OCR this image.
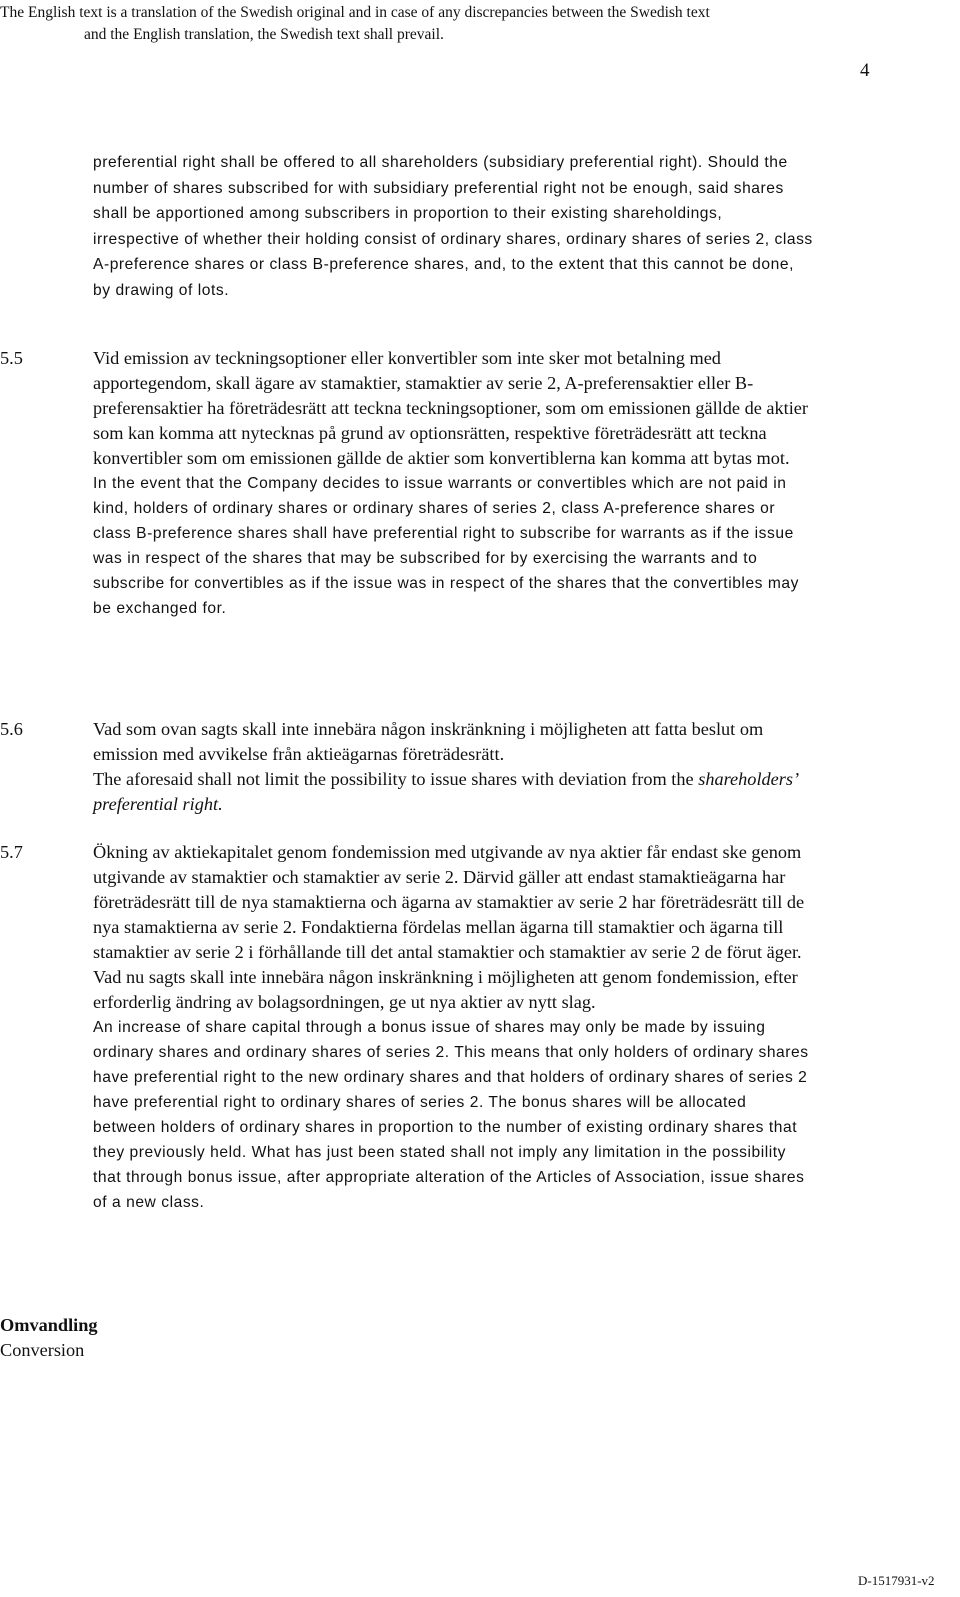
The English text is a translation of the Swedish original and in case of any discrepancies between the Swedish text
and the English translation, the Swedish text shall prevail.
4

preferential right shall be offered to all shareholders (subsidiary preferential right). Should the number of shares subscribed for with subsidiary preferential right not be enough, said shares shall be apportioned among subscribers in proportion to their existing shareholdings, irrespective of whether their holding consist of ordinary shares, ordinary shares of series 2, class A-preference shares or class B-preference shares, and, to the extent that this cannot be done, by drawing of lots.

5.5	Vid emission av teckningsoptioner eller konvertibler som inte sker mot betalning med apportegendom, skall ägare av stamaktier, stamaktier av serie 2, A-preferensaktier eller B-preferensaktier ha företrädesrätt att teckna teckningsoptioner, som om emissionen gällde de aktier som kan komma att nytecknas på grund av optionsrätten, respektive företrädesrätt att teckna konvertibler som om emissionen gällde de aktier som konvertiblerna kan komma att bytas mot.

In the event that the Company decides to issue warrants or convertibles which are not paid in kind, holders of ordinary shares or ordinary shares of series 2, class A-preference shares or class B-preference shares shall have preferential right to subscribe for warrants as if the issue was in respect of the shares that may be subscribed for by exercising the warrants and to subscribe for convertibles as if the issue was in respect of the shares that the convertibles may be exchanged for.

5.6	Vad som ovan sagts skall inte innebära någon inskränkning i möjligheten att fatta beslut om emission med avvikelse från aktieägarnas företrädesrätt.

The aforesaid shall not limit the possibility to issue shares with deviation from the shareholders’ preferential right.

5.7	Ökning av aktiekapitalet genom fondemission med utgivande av nya aktier får endast ske genom utgivande av stamaktier och stamaktier av serie 2. Därvid gäller att endast stamaktieägarna har företrädesrätt till de nya stamaktierna och ägarna av stamaktier av serie 2 har företrädesrätt till de nya stamaktierna av serie 2. Fondaktierna fördelas mellan ägarna till stamaktier och ägarna till stamaktier av serie 2 i förhållande till det antal stamaktier och stamaktier av serie 2 de förut äger. Vad nu sagts skall inte innebära någon inskränkning i möjligheten att genom fondemission, efter erforderlig ändring av bolagsordningen, ge ut nya aktier av nytt slag.

An increase of share capital through a bonus issue of shares may only be made by issuing ordinary shares and ordinary shares of series 2. This means that only holders of ordinary shares have preferential right to the new ordinary shares and that holders of ordinary shares of series 2 have preferential right to ordinary shares of series 2. The bonus shares will be allocated between holders of ordinary shares in proportion to the number of existing ordinary shares that they previously held. What has just been stated shall not imply any limitation in the possibility that through bonus issue, after appropriate alteration of the Articles of Association, issue shares of a new class.

Omvandling
Conversion
D-1517931-v2
